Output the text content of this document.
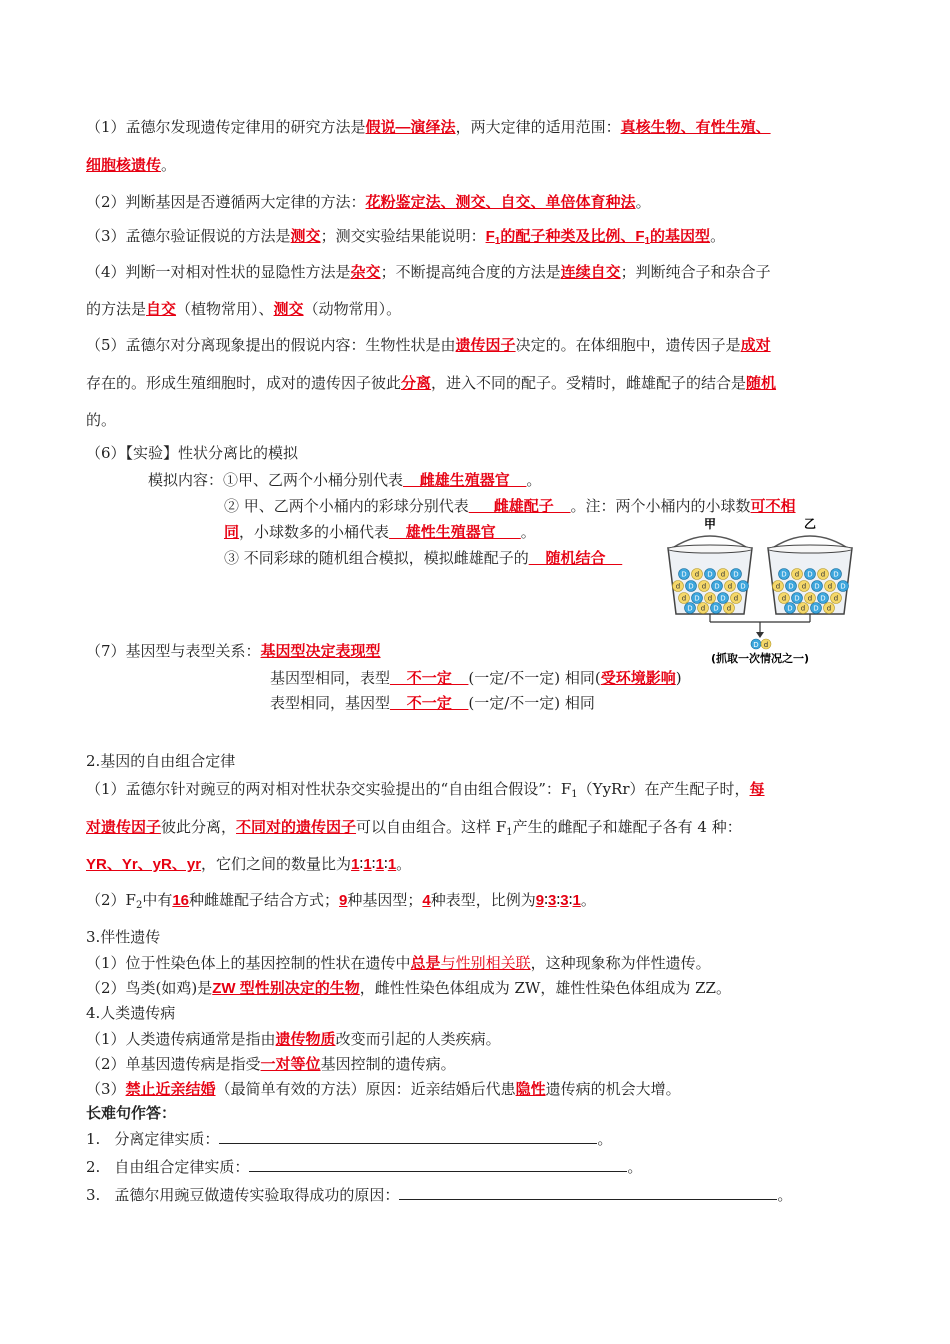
（1）孟德尔发现遗传定律用的研究方法是假说—演绎法，两大定律的适用范围：真核生物、有性生殖、
细胞核遗传。
（2）判断基因是否遵循两大定律的方法：花粉鉴定法、测交、自交、单倍体育种法。
（3）孟德尔验证假说的方法是测交；测交实验结果能说明：$F_1$的配子种类及比例、$F_1$的基因型。
（4）判断一对相对性状的显隐性方法是杂交；不断提高纯合度的方法是连续自交；判断纯合子和杂合子
的方法是自交（植物常用）、测交（动物常用）。
（5）孟德尔对分离现象提出的假说内容：生物性状是由遗传因子决定的。在体细胞中，遗传因子是成对
存在的。形成生殖细胞时，成对的遗传因子彼此分离，进入不同的配子。受精时，雌雄配子的结合是随机
的。
（6）【实验】性状分离比的模拟
模拟内容：①甲、乙两个小桶分别代表__雌雄生殖器官__。
② 甲、乙两个小桶内的彩球分别代表___雌雄配子__。注：两个小桶内的小球数可不相
同，小球数多的小桶代表__雄性生殖器官___。
③ 不同彩球的随机组合模拟，模拟雌雄配子的__随机结合__
甲	乙
D d D d D
d D d D d D
d D d D d
D d D d
D d D d D
d D d D d D
d D d D d
D d D d
D d
(抓取一次情况之一)
（7）基因型与表型关系：基因型决定表现型
基因型相同，表型__不一定__(一定/不一定) 相同(受环境影响)
表型相同，基因型__不一定__(一定/不一定) 相同
2.基因的自由组合定律
（1）孟德尔针对豌豆的两对相对性状杂交实验提出的“自由组合假设”：$F_1(YyRr)$在产生配子时，每
对遗传因子彼此分离，不同对的遗传因子可以自由组合。这样 $F_1$产生的雌配子和雄配子各有 4 种：
YR、Yr、yR、yr，它们之间的数量比为1∶1∶1∶1。
$(2)F_2$中有16种雌雄配子结合方式；9种基因型；4种表型，比例为9∶3∶3∶1。
3.伴性遗传
（1）位于性染色体上的基因控制的性状在遗传中总是与性别相关联，这种现象称为伴性遗传。
（2）鸟类(如鸡)是ZW 型性别决定的生物，雌性性染色体组成为 ZW，雄性性染色体组成为 ZZ。
4.人类遗传病
（1）人类遗传病通常是指由遗传物质改变而引起的人类疾病。
（2）单基因遗传病是指受一对等位基因控制的遗传病。
（3）禁止近亲结婚（最简单有效的方法）原因：近亲结婚后代患隐性遗传病的机会大增。
长难句作答：
1. 分离定律实质：	。
2. 自由组合定律实质：	。
3. 孟德尔用豌豆做遗传实验取得成功的原因：	。
